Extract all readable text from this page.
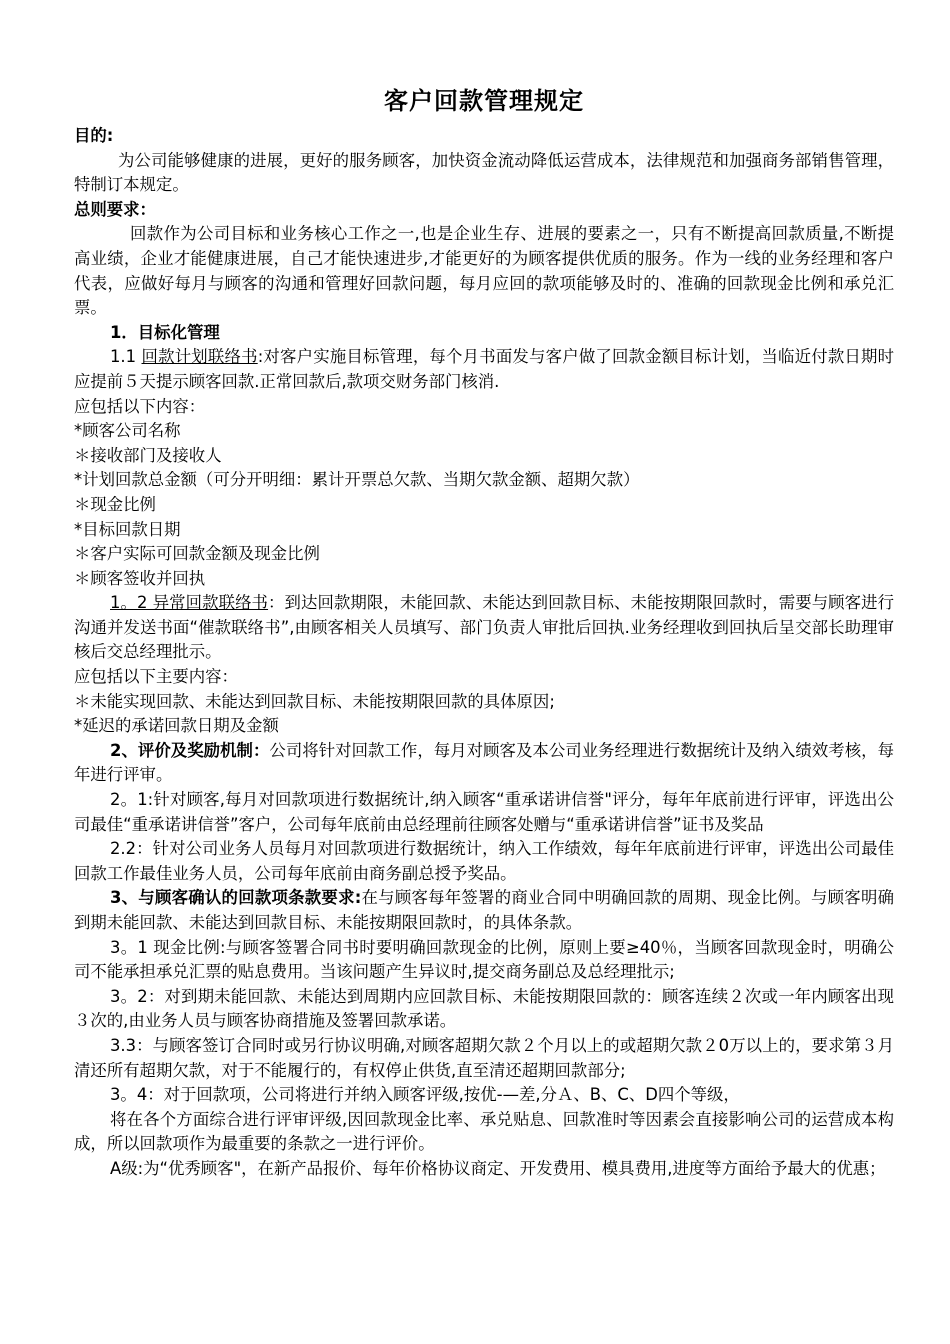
客户回款管理规定

目的:

为公司能够健康的进展，更好的服务顾客，加快资金流动降低运营成本，法律规范和加强商务部销售管理，特制订本规定。

总则要求：

回款作为公司目标和业务核心工作之一,也是企业生存、进展的要素之一，只有不断提高回款质量,不断提高业绩，企业才能健康进展，自己才能快速进步,才能更好的为顾客提供优质的服务。作为一线的业务经理和客户代表，应做好每月与顾客的沟通和管理好回款问题，每月应回的款项能够及时的、准确的回款现金比例和承兑汇票。

1．目标化管理

1.1 回款计划联络书:对客户实施目标管理，每个月书面发与客户做了回款金额目标计划，当临近付款日期时应提前５天提示顾客回款.正常回款后,款项交财务部门核消.

应包括以下内容：

*顾客公司名称

＊接收部门及接收人

*计划回款总金额（可分开明细：累计开票总欠款、当期欠款金额、超期欠款）

＊现金比例

*目标回款日期

＊客户实际可回款金额及现金比例

＊顾客签收并回执

1。2 异常回款联络书：到达回款期限，未能回款、未能达到回款目标、未能按期限回款时，需要与顾客进行沟通并发送书面“催款联络书”,由顾客相关人员填写、部门负责人审批后回执.业务经理收到回执后呈交部长助理审核后交总经理批示。

应包括以下主要内容：

＊未能实现回款、未能达到回款目标、未能按期限回款的具体原因;

*延迟的承诺回款日期及金额

2、评价及奖励机制：公司将针对回款工作，每月对顾客及本公司业务经理进行数据统计及纳入绩效考核，每年进行评审。

2。1:针对顾客,每月对回款项进行数据统计,纳入顾客“重承诺讲信誉"评分，每年年底前进行评审，评选出公司最佳“重承诺讲信誉”客户，公司每年底前由总经理前往顾客处赠与“重承诺讲信誉”证书及奖品

2.2：针对公司业务人员每月对回款项进行数据统计，纳入工作绩效，每年年底前进行评审，评选出公司最佳回款工作最佳业务人员，公司每年底前由商务副总授予奖品。

3、与顾客确认的回款项条款要求:在与顾客每年签署的商业合同中明确回款的周期、现金比例。与顾客明确到期未能回款、未能达到回款目标、未能按期限回款时，的具体条款。

3。1 现金比例:与顾客签署合同书时要明确回款现金的比例，原则上要≥40％，当顾客回款现金时，明确公司不能承担承兑汇票的贴息费用。当该问题产生异议时,提交商务副总及总经理批示;

3。2：对到期未能回款、未能达到周期内应回款目标、未能按期限回款的：顾客连续２次或一年内顾客出现３次的,由业务人员与顾客协商措施及签署回款承诺。

3.3：与顾客签订合同时或另行协议明确,对顾客超期欠款２个月以上的或超期欠款２0万以上的，要求第３月清还所有超期欠款，对于不能履行的，有权停止供货,直至清还超期回款部分;

3。4：对于回款项，公司将进行并纳入顾客评级,按优-—差,分Ａ、B、C、D四个等级，

将在各个方面综合进行评审评级,因回款现金比率、承兑贴息、回款准时等因素会直接影响公司的运营成本构成，所以回款项作为最重要的条款之一进行评价。

A级:为“优秀顾客"，在新产品报价、每年价格协议商定、开发费用、模具费用,进度等方面给予最大的优惠；
